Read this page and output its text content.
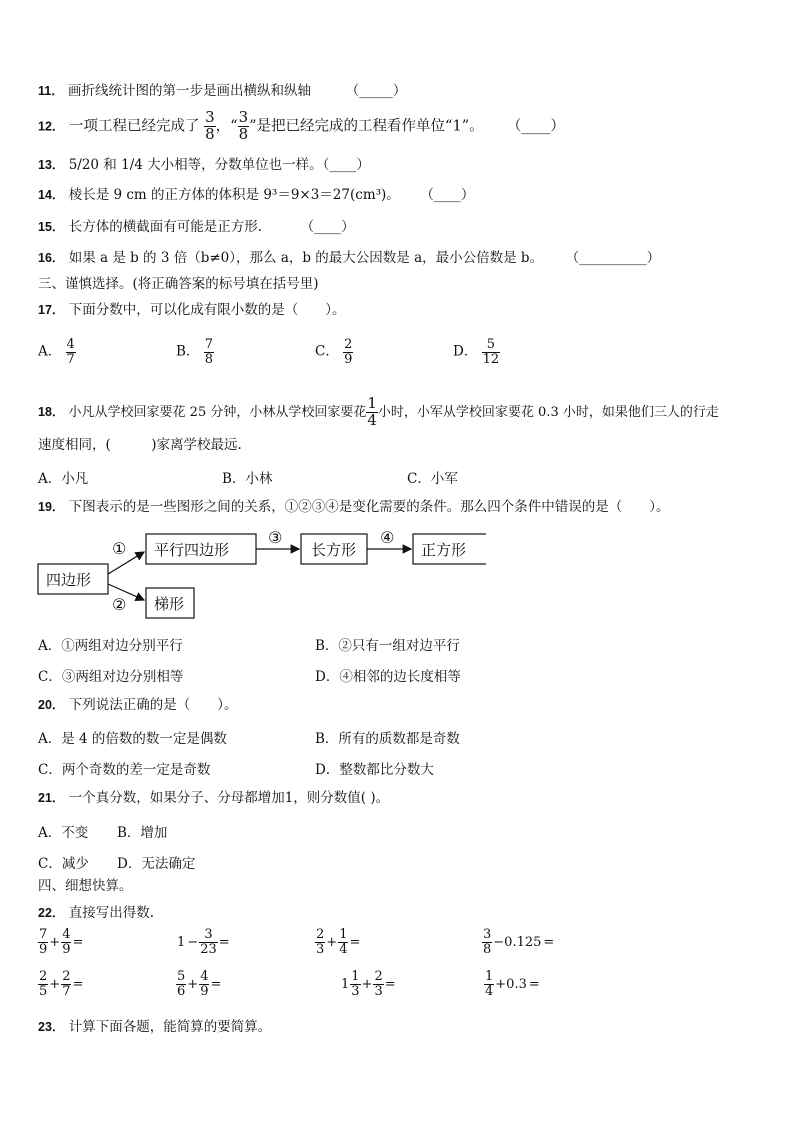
11． 画折线统计图的第一步是画出横纵和纵轴	（_____）
12． 一项工程已经完成了 $\frac{3}{8}$ ，“ $\frac{3}{8}$ ”是把已经完成的工程看作单位“1”。 （____）
13． 5/20 和 1/4 大小相等，分数单位也一样。（____）
14． 棱长是 9 cm 的正方体的体积是 9³＝9×3＝27(cm³)。 （____）
15． 长方体的横截面有可能是正方形.	（____）
16． 如果 a 是 b 的 3 倍（b≠0），那么 a，b 的最大公因数是 a，最小公倍数是 b。 （__________）
三、谨慎选择。(将正确答案的标号填在括号里)
17． 下面分数中，可以化成有限小数的是（　　）。
A． $\frac{4}{7}$	B． $\frac{7}{8}$	C． $\frac{2}{9}$	D． $\frac{5}{12}$
18． 小凡从学校回家要花 25 分钟，小林从学校回家要花 $\frac{1}{4}$ 小时，小军从学校回家要花 0.3 小时，如果他们三人的行走
速度相同，(　　　)家离学校最远.
A．小凡	B．小林	C．小军
19． 下图表示的是一些图形之间的关系，①②③④是变化需要的条件。那么四个条件中错误的是（　　）。
四边形
平行四边形	长方形	正方形
梯形
①
②
③	④
A．①两组对边分别平行	B．②只有一组对边平行
C．③两组对边分别相等	D．④相邻的边长度相等
20． 下列说法正确的是（　　）。
A．是 4 的倍数的数一定是偶数	B．所有的质数都是奇数
C．两个奇数的差一定是奇数	D．整数都比分数大
21． 一个真分数，如果分子、分母都增加1，则分数值( )。
A．不变 B．增加
C．减少 D．无法确定
四、细想快算。
22． 直接写出得数.
$\frac{7}{9} + \frac{4}{9}$ =	$1 - \frac{3}{23}$ =	$\frac{2}{3} + \frac{1}{4}$ =	$\frac{3}{8} -0.125$ =
$\frac{2}{5} + \frac{2}{7}$ =	$\frac{5}{6} + \frac{4}{9}$ =	$1 \frac{1}{3} + \frac{2}{3}$ =	$\frac{1}{4} +0.3$ =
23． 计算下面各题，能简算的要简算。
